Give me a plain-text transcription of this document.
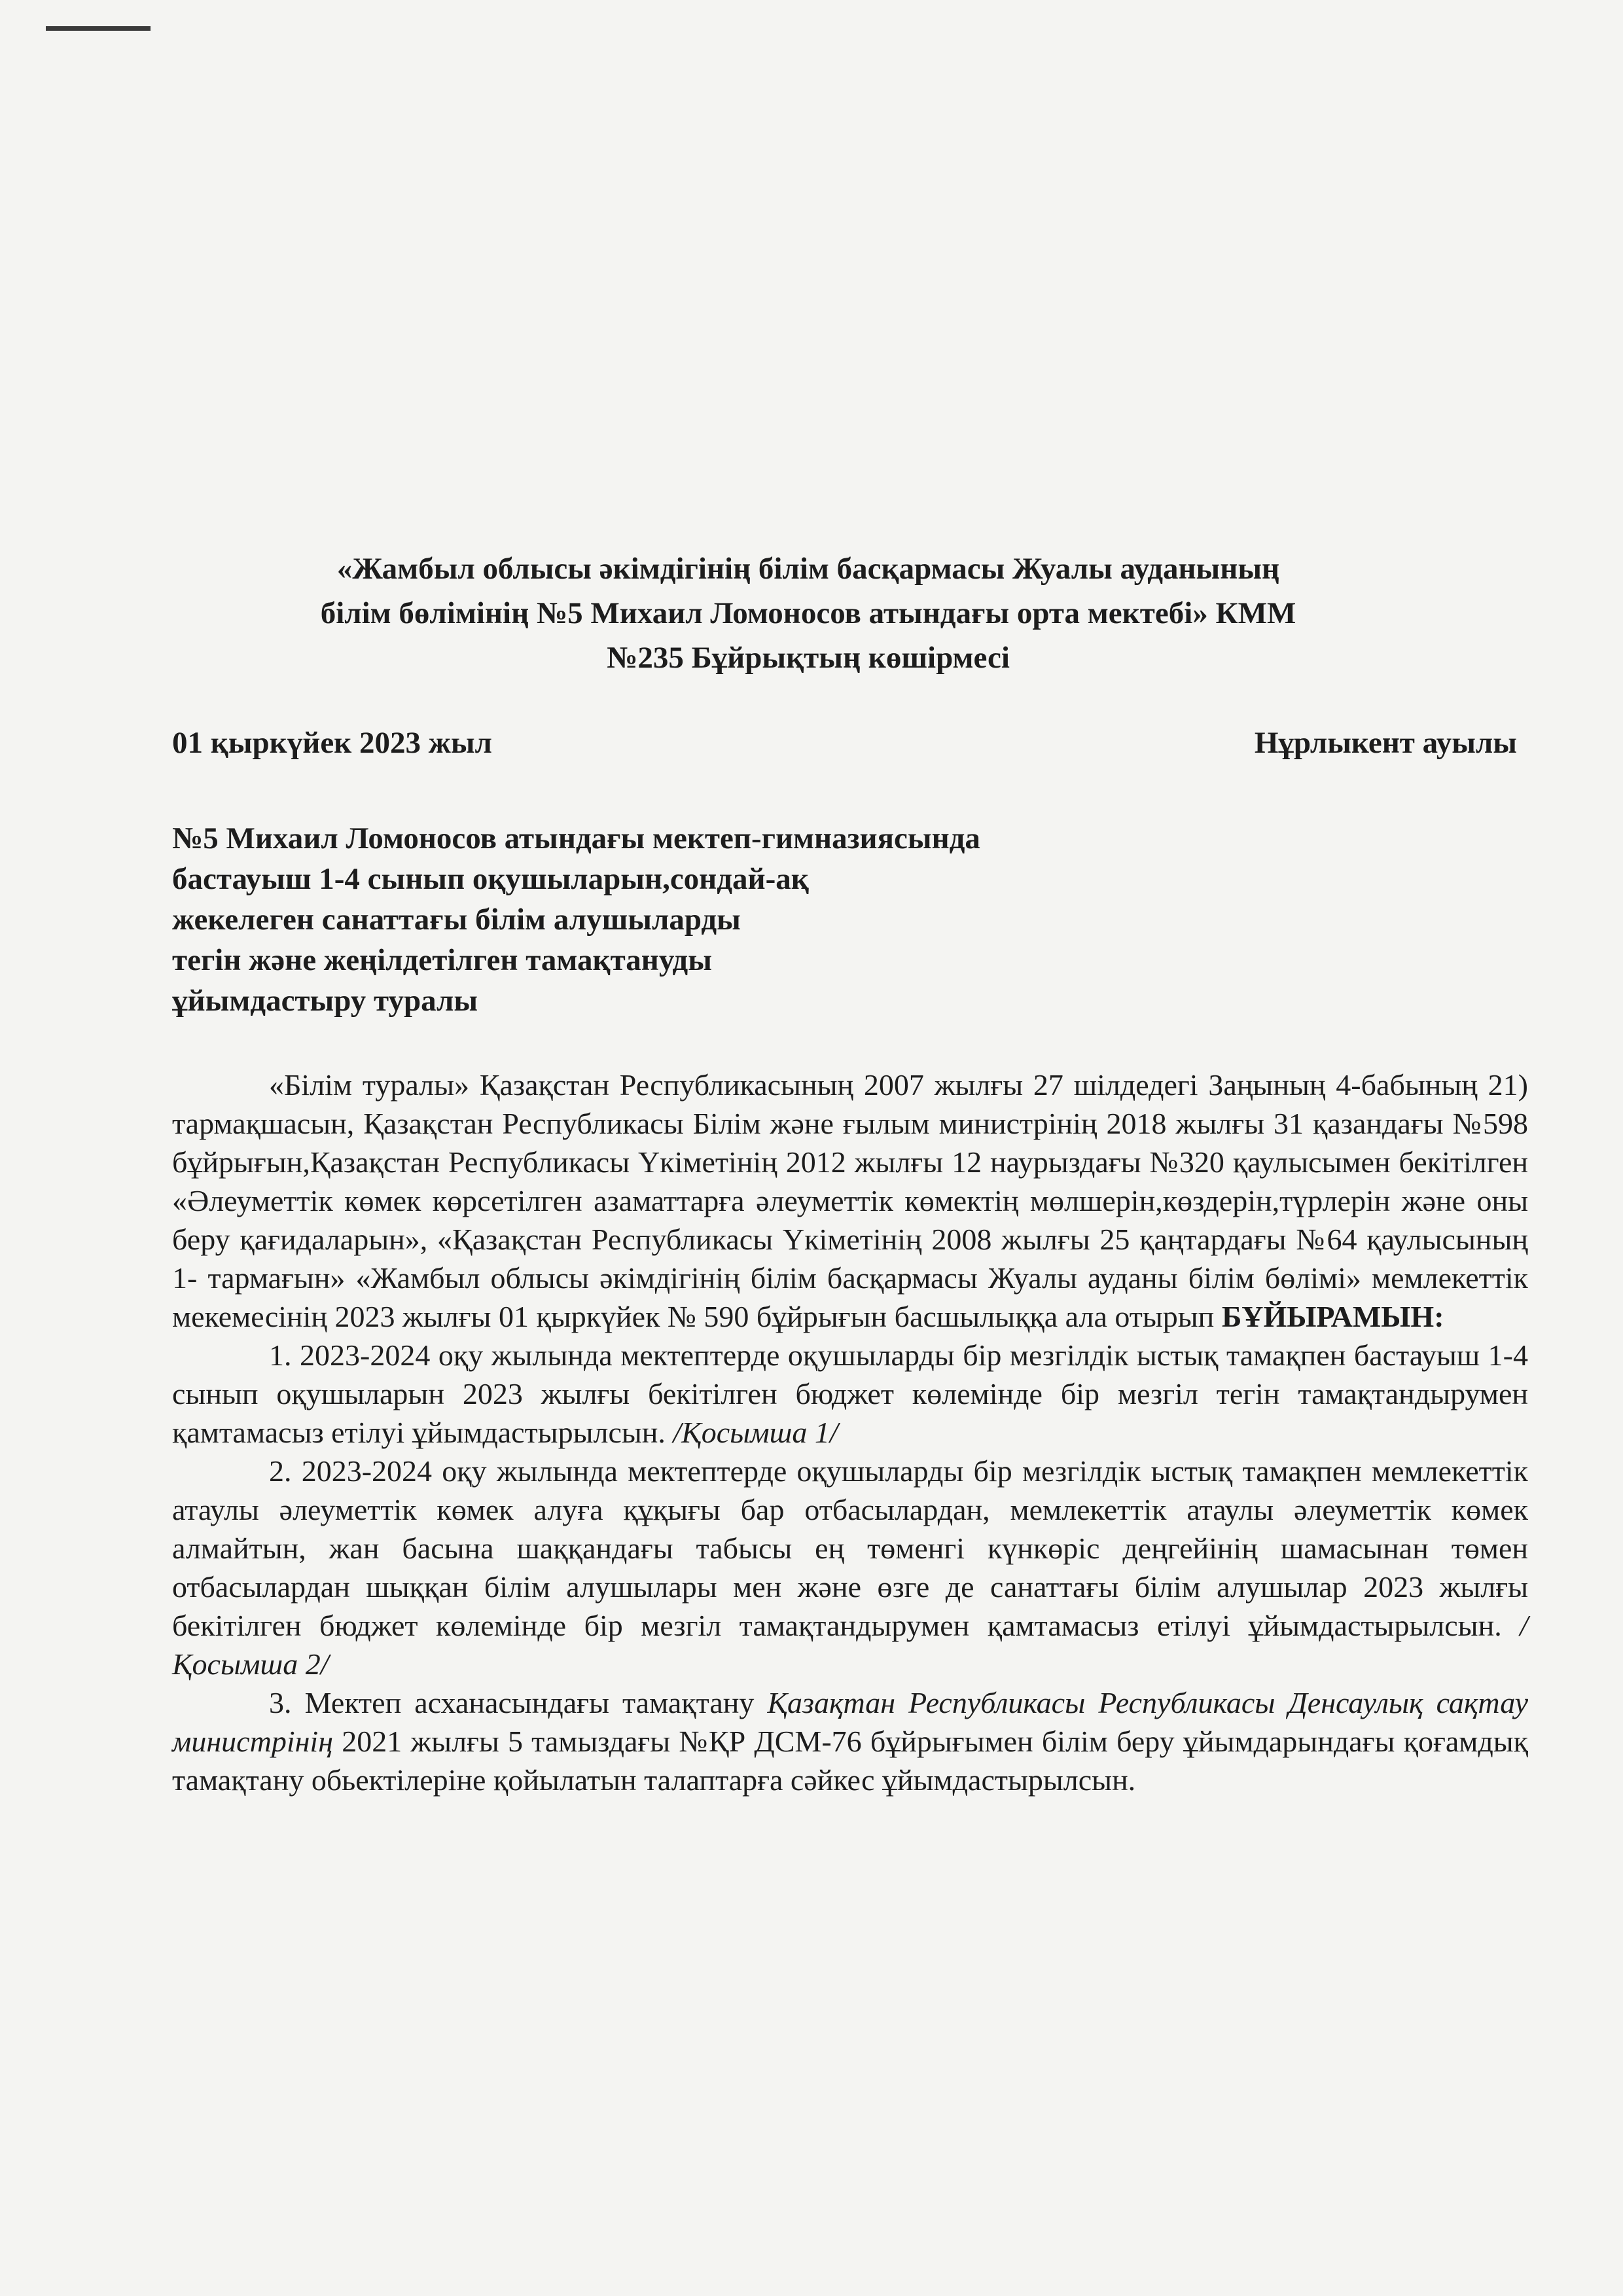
«Жамбыл облысы әкімдігінің білім басқармасы Жуалы ауданының
білім бөлімінің №5 Михаил Ломоносов атындағы орта мектебі» КММ
№235 Бұйрықтың көшірмесі
01 қыркүйек 2023 жыл	Нұрлыкент ауылы
№5 Михаил Ломоносов атындағы мектеп-гимназиясында
бастауыш 1-4 сынып оқушыларын,сондай-ақ
жекелеген санаттағы білім алушыларды
тегін және жеңілдетілген тамақтануды
ұйымдастыру туралы

«Білім туралы» Қазақстан Республикасының 2007 жылғы 27 шілдедегі Заңының 4-бабының 21) тармақшасын, Қазақстан Республикасы Білім және ғылым министрінің 2018 жылғы 31 қазандағы №598 бұйрығын,Қазақстан Республикасы Үкіметінің 2012 жылғы 12 наурыздағы №320 қаулысымен бекітілген «Әлеуметтік көмек көрсетілген азаматтарға әлеуметтік көмектің мөлшерін,көздерін,түрлерін және оны беру қағидаларын», «Қазақстан Республикасы Үкіметінің 2008 жылғы 25 қаңтардағы №64 қаулысының 1- тармағын» «Жамбыл облысы әкімдігінің білім басқармасы Жуалы ауданы білім бөлімі» мемлекеттік мекемесінің 2023 жылғы 01 қыркүйек № 590 бұйрығын басшылыққа ала отырып БҰЙЫРАМЫН:

1. 2023-2024 оқу жылында мектептерде оқушыларды бір мезгілдік ыстық тамақпен бастауыш 1-4 сынып оқушыларын 2023 жылғы бекітілген бюджет көлемінде бір мезгіл тегін тамақтандырумен қамтамасыз етілуі ұйымдастырылсын. /Қосымша 1/

2. 2023-2024 оқу жылында мектептерде оқушыларды бір мезгілдік ыстық тамақпен мемлекеттік атаулы әлеуметтік көмек алуға құқығы бар отбасылардан, мемлекеттік атаулы әлеуметтік көмек алмайтын, жан басына шаққандағы табысы ең төменгі күнкөріс деңгейінің шамасынан төмен отбасылардан шыққан білім алушылары мен және өзге де санаттағы білім алушылар 2023 жылғы бекітілген бюджет көлемінде бір мезгіл тамақтандырумен қамтамасыз етілуі ұйымдастырылсын. /Қосымша 2/

3. Мектеп асханасындағы тамақтану Қазақтан Республикасы Республикасы Денсаулық сақтау министрінің 2021 жылғы 5 тамыздағы №ҚР ДСМ-76 бұйрығымен білім беру ұйымдарындағы қоғамдық тамақтану обьектілеріне қойылатын талаптарға сәйкес ұйымдастырылсын.
